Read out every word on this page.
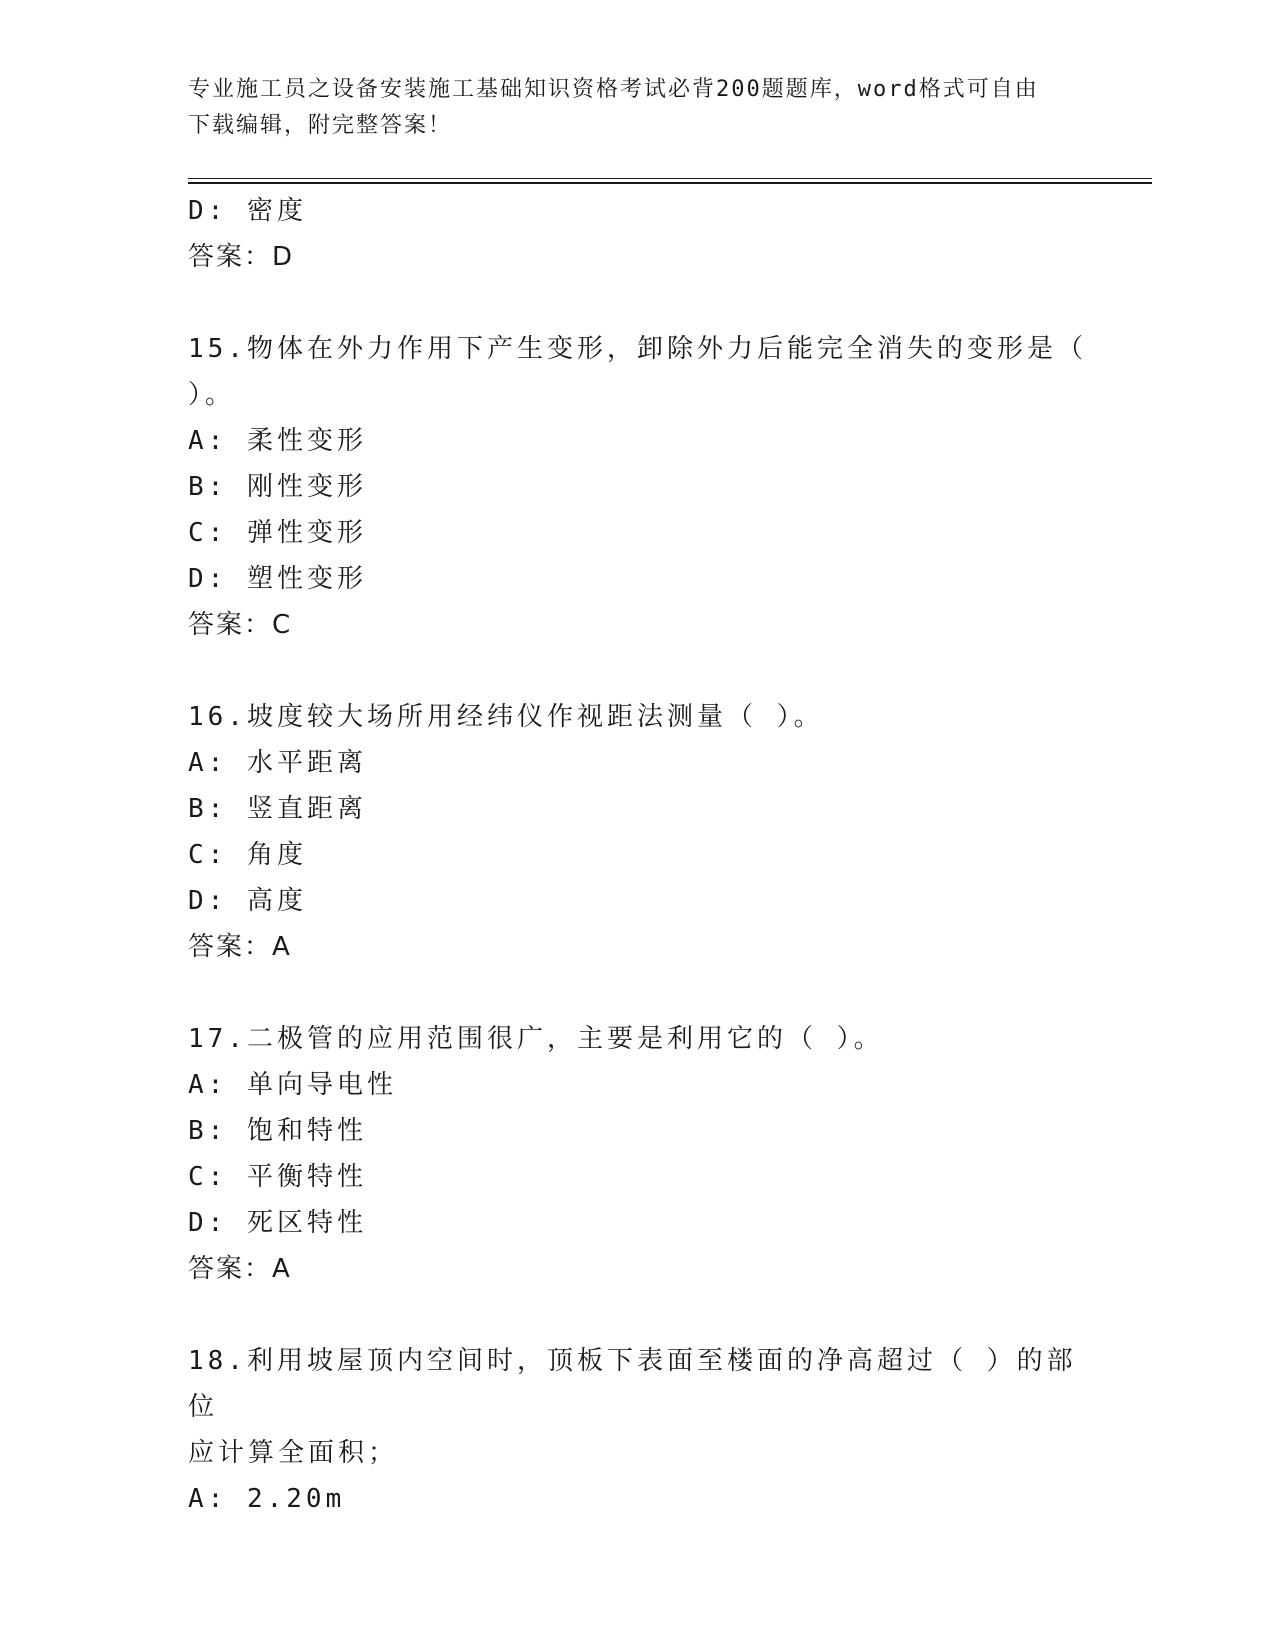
专业施工员之设备安装施工基础知识资格考试必背200题题库，word格式可自由
下载编辑，附完整答案！
D: 密度
答案：D
15.物体在外力作用下产生变形，卸除外力后能完全消失的变形是（
）。
A: 柔性变形
B: 刚性变形
C: 弹性变形
D: 塑性变形
答案：C
16.坡度较大场所用经纬仪作视距法测量（ ）。
A: 水平距离
B: 竖直距离
C: 角度
D: 高度
答案：A
17.二极管的应用范围很广，主要是利用它的（ ）。
A: 单向导电性
B: 饱和特性
C: 平衡特性
D: 死区特性
答案：A
18.利用坡屋顶内空间时，顶板下表面至楼面的净高超过（ ）的部位
应计算全面积；
A: 2.20m
